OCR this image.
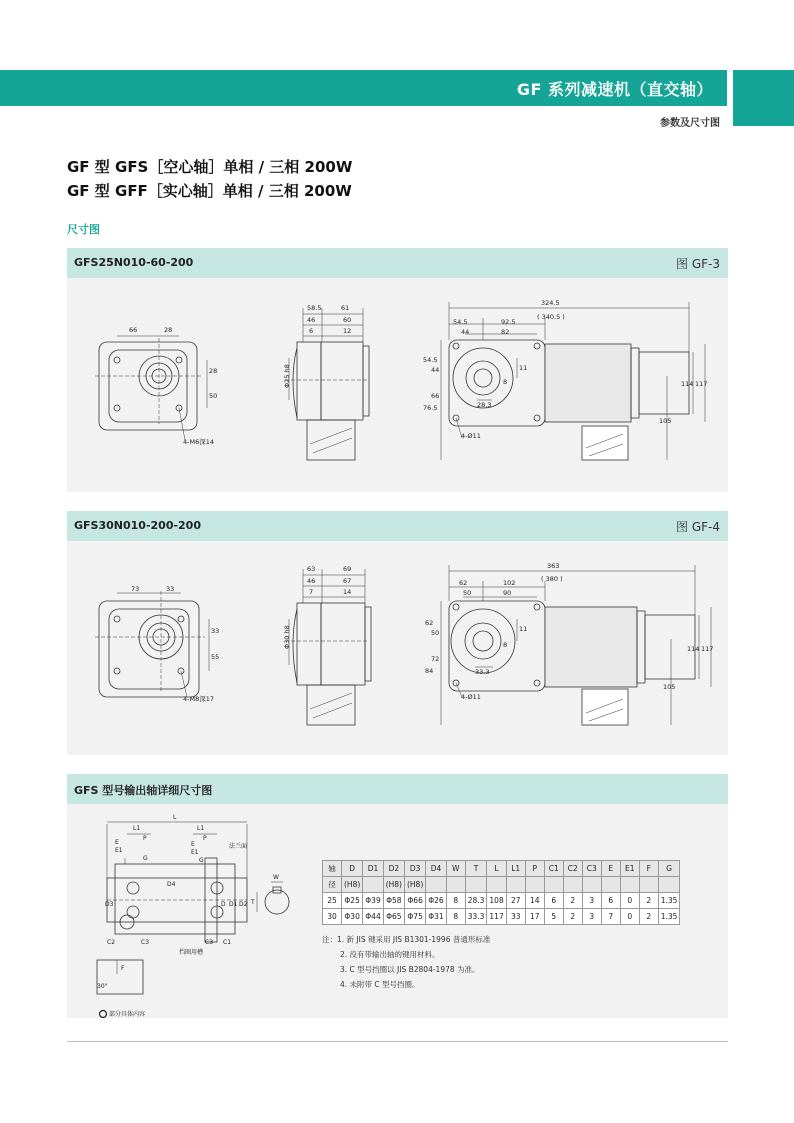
GF 系列减速机（直交轴）
参数及尺寸图
GF 型 GFS［空心轴］单相 / 三相 200W
GF 型 GFF［实心轴］单相 / 三相 200W
尺寸图
GFS25N010-60-200	图 GF-3
66	28
28
50
4-M6深14
58.5	61
46	60
6	12
Φ25 h8
324.5
( 340.5 )
54.5	92.5
44	82
54.5
44
66
76.5
11
8
28.3
4-Ø11
114 117
105
GFS30N010-200-200	图 GF-4
73	33
33
55
4-M8深17
63	69
46	67
7	14
Φ30 h8
363
( 380 )
62	102
50	90
62
50
72
84
11
8
33.3
4-Ø11
114 117
105
GFS 型号输出轴详细尺寸图
L
L1
P
L1
P
E
E1
G
E
E1
G
法兰面
D4
D3	D D1 D2
C2	C3	C3 C1
挡圈用槽
F
30°
部分具体内容
W
T
轴	D	D1	D2	D3	D4	W	T	L	L1	P	C1	C2	C3	E	E1	F	G
径	(H8)		(H8)	(H8)													
25	Φ25	Φ39	Φ58	Φ66	Φ26	8	28.3	108	27	14	6	2	3	6	0	2	1.35
30	Φ30	Φ44	Φ65	Φ75	Φ31	8	33.3	117	33	17	5	2	3	7	0	2	1.35
注：1. 新 JIS 键采用 JIS B1301-1996 普通形标准
2. 没有带输出轴的键用材料。
3. C 型号挡圈以 JIS B2804-1978 为准。
4. 未附带 C 型号挡圈。
